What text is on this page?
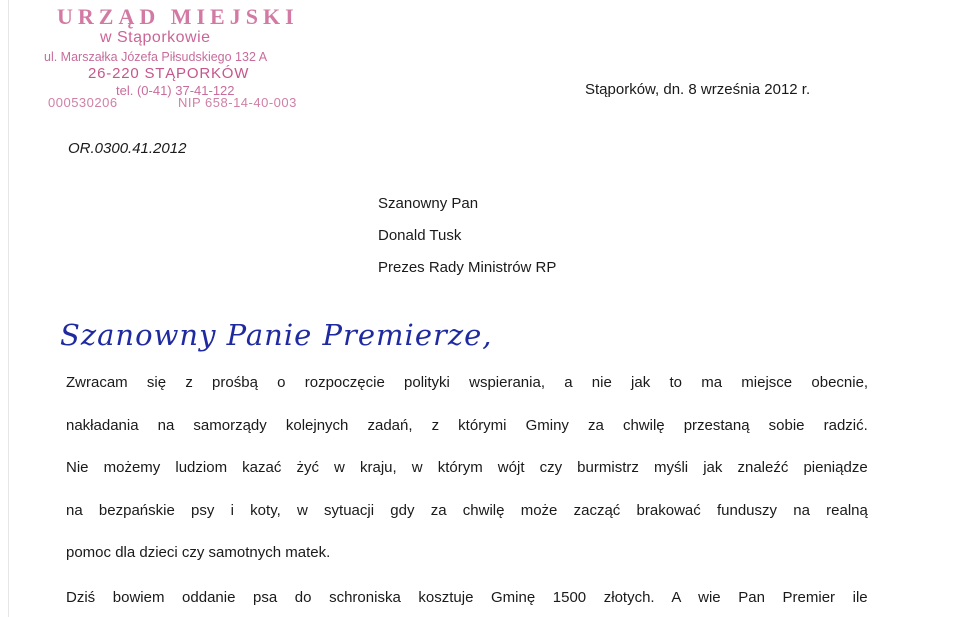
URZĄD MIEJSKI
w Stąporkowie
ul. Marszałka Józefa Piłsudskiego 132 A
26-220 STĄPORKÓW
tel. (0-41) 37-41-122
000530206	NIP 658-14-40-003
Stąporków, dn. 8 września 2012 r.
OR.0300.41.2012
Szanowny Pan
Donald Tusk
Prezes Rady Ministrów RP
Szanowny Panie Premierze,
Zwracam się z prośbą o rozpoczęcie polityki wspierania, a nie jak to ma miejsce obecnie,
nakładania na samorządy kolejnych zadań, z którymi Gminy za chwilę przestaną sobie radzić.
Nie możemy ludziom kazać żyć w kraju, w którym wójt czy burmistrz myśli jak znaleźć pieniądze
na bezpańskie psy i koty, w sytuacji gdy za chwilę może zacząć brakować funduszy na realną
pomoc dla dzieci czy samotnych matek.
Dziś bowiem oddanie psa do schroniska kosztuje Gminę 1500 złotych. A wie Pan Premier ile
